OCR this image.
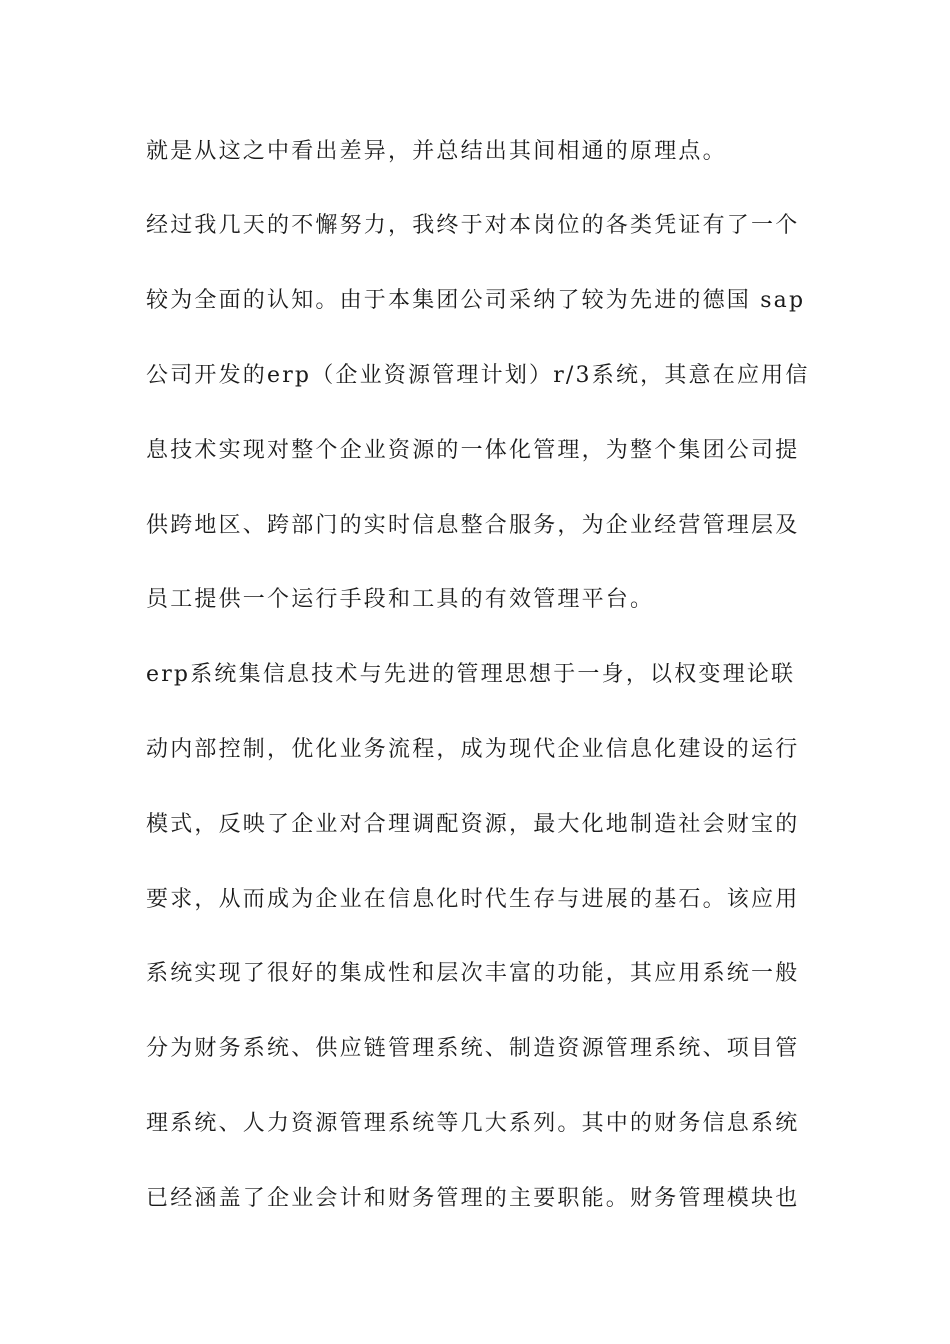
就是从这之中看出差异，并总结出其间相通的原理点。

经过我几天的不懈努力，我终于对本岗位的各类凭证有了一个

较为全面的认知。由于本集团公司采纳了较为先进的德国 sap

公司开发的erp（企业资源管理计划）r/3系统，其意在应用信

息技术实现对整个企业资源的一体化管理，为整个集团公司提

供跨地区、跨部门的实时信息整合服务，为企业经营管理层及

员工提供一个运行手段和工具的有效管理平台。

erp系统集信息技术与先进的管理思想于一身，以权变理论联

动内部控制，优化业务流程，成为现代企业信息化建设的运行

模式，反映了企业对合理调配资源，最大化地制造社会财宝的

要求，从而成为企业在信息化时代生存与进展的基石。该应用

系统实现了很好的集成性和层次丰富的功能，其应用系统一般

分为财务系统、供应链管理系统、制造资源管理系统、项目管

理系统、人力资源管理系统等几大系列。其中的财务信息系统

已经涵盖了企业会计和财务管理的主要职能。财务管理模块也
